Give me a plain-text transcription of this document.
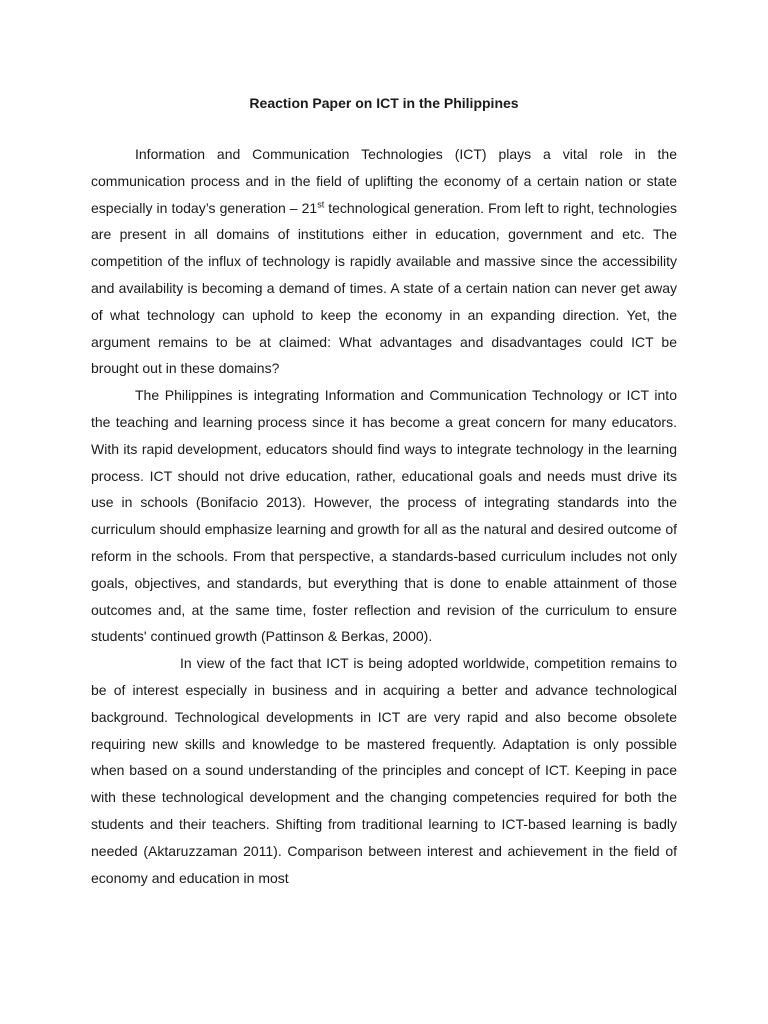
Reaction Paper on ICT in the Philippines

Information and Communication Technologies (ICT) plays a vital role in the communication process and in the field of uplifting the economy of a certain nation or state especially in today’s generation – 21st technological generation. From left to right, technologies are present in all domains of institutions either in education, government and etc. The competition of the influx of technology is rapidly available and massive since the accessibility and availability is becoming a demand of times. A state of a certain nation can never get away of what technology can uphold to keep the economy in an expanding direction. Yet, the argument remains to be at claimed: What advantages and disadvantages could ICT be brought out in these domains?

The Philippines is integrating Information and Communication Technology or ICT into the teaching and learning process since it has become a great concern for many educators. With its rapid development, educators should find ways to integrate technology in the learning process. ICT should not drive education, rather, educational goals and needs must drive its use in schools (Bonifacio 2013). However, the process of integrating standards into the curriculum should emphasize learning and growth for all as the natural and desired outcome of reform in the schools. From that perspective, a standards-based curriculum includes not only goals, objectives, and standards, but everything that is done to enable attainment of those outcomes and, at the same time, foster reflection and revision of the curriculum to ensure students' continued growth (Pattinson & Berkas, 2000).

In view of the fact that ICT is being adopted worldwide, competition remains to be of interest especially in business and in acquiring a better and advance technological background. Technological developments in ICT are very rapid and also become obsolete requiring new skills and knowledge to be mastered frequently. Adaptation is only possible when based on a sound understanding of the principles and concept of ICT. Keeping in pace with these technological development and the changing competencies required for both the students and their teachers. Shifting from traditional learning to ICT-based learning is badly needed (Aktaruzzaman 2011). Comparison between interest and achievement in the field of economy and education in most
